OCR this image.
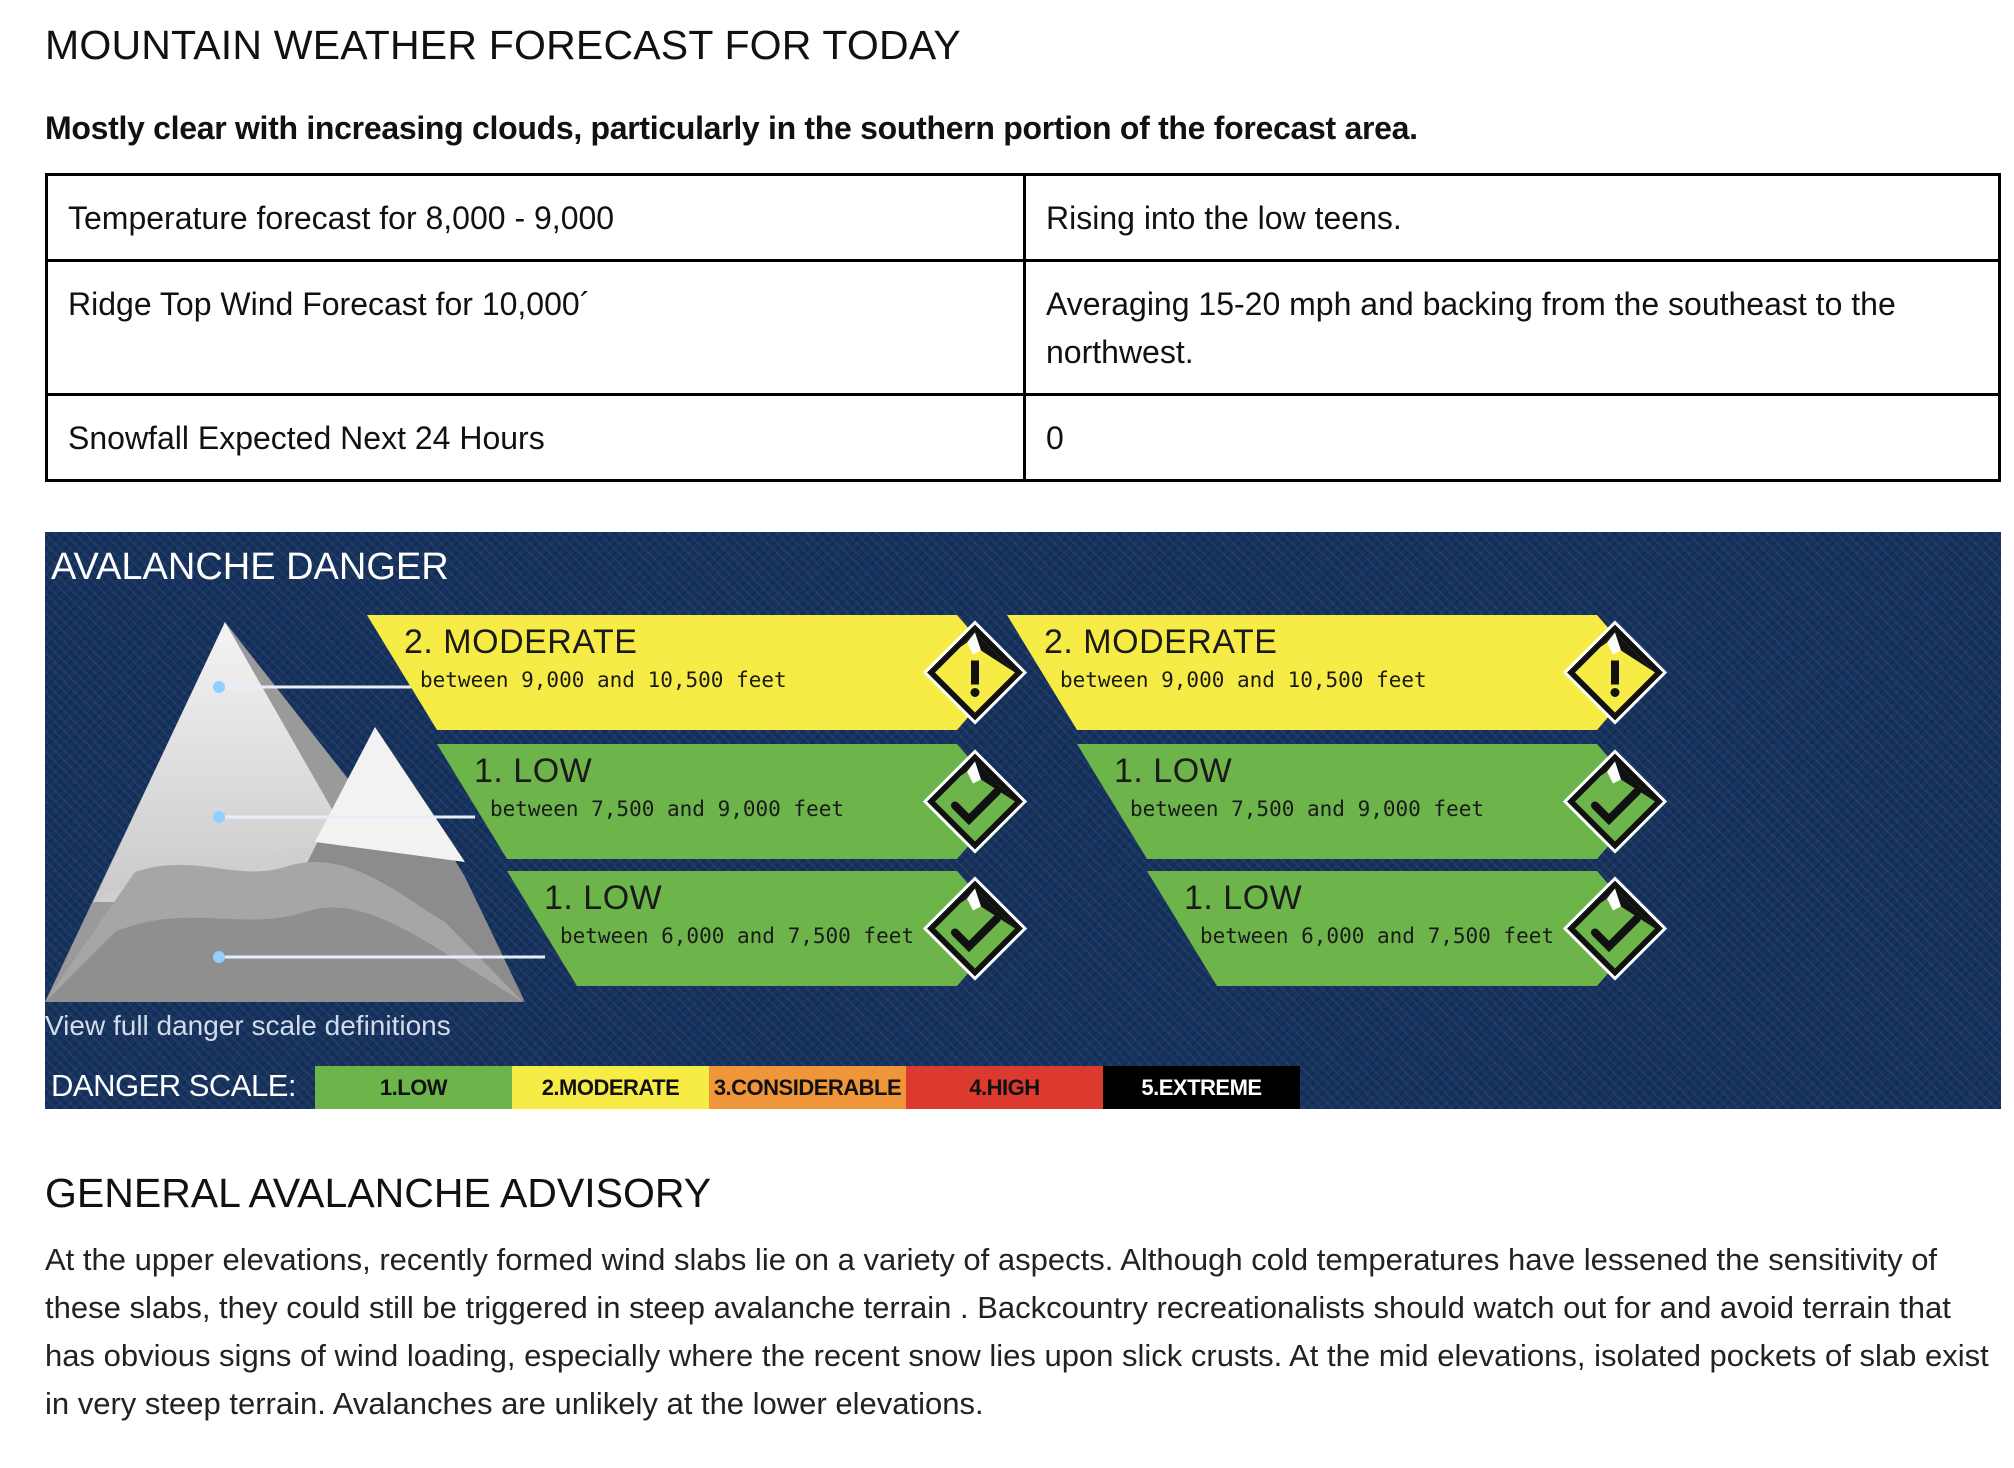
MOUNTAIN WEATHER FORECAST FOR TODAY

Mostly clear with increasing clouds, particularly in the southern portion of the forecast area.

Temperature forecast for 8,000 - 9,000	Rising into the low teens.
Ridge Top Wind Forecast for 10,000´	Averaging 15-20 mph and backing from the southeast to the northwest.
Snowfall Expected Next 24 Hours	0
AVALANCHE DANGER
2. MODERATE
between 9,000 and 10,500 feet
1. LOW
between 7,500 and 9,000 feet
1. LOW
between 6,000 and 7,500 feet
2. MODERATE
between 9,000 and 10,500 feet
1. LOW
between 7,500 and 9,000 feet
1. LOW
between 6,000 and 7,500 feet
View full danger scale definitions
DANGER SCALE:	1.LOW	2.MODERATE	3.CONSIDERABLE	4.HIGH	5.EXTREME
GENERAL AVALANCHE ADVISORY

At the upper elevations, recently formed wind slabs lie on a variety of aspects. Although cold temperatures have lessened the sensitivity of these slabs, they could still be triggered in steep avalanche terrain . Backcountry recreationalists should watch out for and avoid terrain that has obvious signs of wind loading, especially where the recent snow lies upon slick crusts. At the mid elevations, isolated pockets of slab exist in very steep terrain. Avalanches are unlikely at the lower elevations.
